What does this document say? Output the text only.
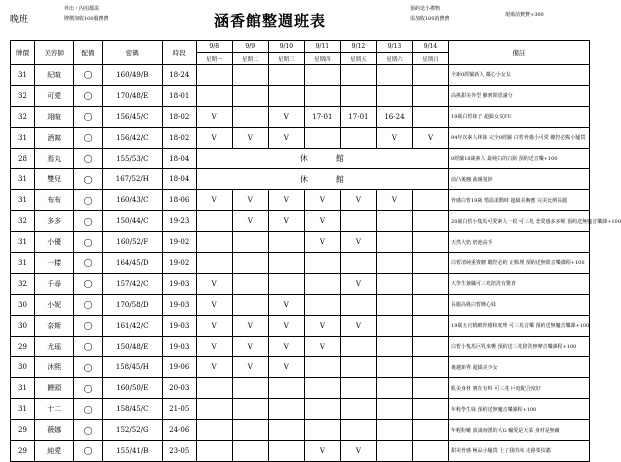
晚班
外出・內用都需
牌價加收100服務費	涵香館整週班表
預約送小禮物
需加收100消費費
現場消費費+300
牌價	美容師	配備	密碼	時段	9/8	9/9	9/10	9/11	9/12	9/13	9/14	備註
					星期一	星期二	星期三	星期四	星期五	星期六	星期日	
31	紀暄	◯	160/49/B	18-24								全新0經驗新人 鄰心小女友
32	可愛	◯	170/48/E	18-01								高挑甜美外型 雖實問恩滿分
32	翊暄	◯	156/45/C	18-02	V		V	17-01	17-01	16-24		19歲白皙妹子 超緝女友FU
31	酒窩	◯	156/42/C	18-02	V	V	V			V	V	94年次素人林妹 完全0經驗 白皙骨感小可愛 聽控必點小騷貨
28	焉丸	◯	155/53/C	18-04	休　　　館							0經驗18歲素人 最純白的白瓶 預約送音樂+100
31	雙兒	◯	167/52/H	18-04	休　　　館							前凸後翹 曲線曼妙
31	布布	◯	160/43/C	18-06	V	V	V	V	V	V		骨感白皙19歲 惜温柔動時 超緝美胸蜜 完美比例長腿
32	多多	◯	150/44/C	19-23		V	V	V				20歲白皙小隻馬可愛素人一枚 可三兆 悲愛感多多喔 預約送無魔音樂課+100
31	小優	◯	160/52/F	19-02				V	V			天然大奶 奶池高手
31	一樣	◯	164/45/D	19-02								白皙清純重資糖 聽控必約 正點理 預約送無限音樂課程+100
32	千尋	◯	157/42/C	19-03	V				V			大學生兼職可三兆陪洗有驚喜
30	小妮	◯	170/58/D	19-03	V		V					長腿高佻白皙睡心妹
30	奈斯	◯	161/42/C	19-03	V	V	V	V	V			19歲五官精緻骨感和度理 可三兆音樂 預約送無魔音樂課+100
29	尤瑶	◯	150/48/E	19-03	V	V	V	V				白皙小隻馬巨乳來襲 預約送三兆陪洗無摩音樂課程+100
30	沐熙	◯	158/45/H	19-06	V	V	V					裏越新秀 超緝美少女
31	饅頭	◯	160/50/E	20-03								肌美身材 實在有料 可三兆 戶庭配合度好
31	十二	◯	158/45/C	21-05								年輕學生妹 預約送無魔音樂課程+100
29	薇娜	◯	152/52/G	24-06								年輕粉嫩 波濤洶湧的大G 輸愛是天菜 身材是無敵
29	純愛	◯	155/41/B	23-05				V	V			甜美骨感 極品小騷貨 上了我的床 走路要扶牆
